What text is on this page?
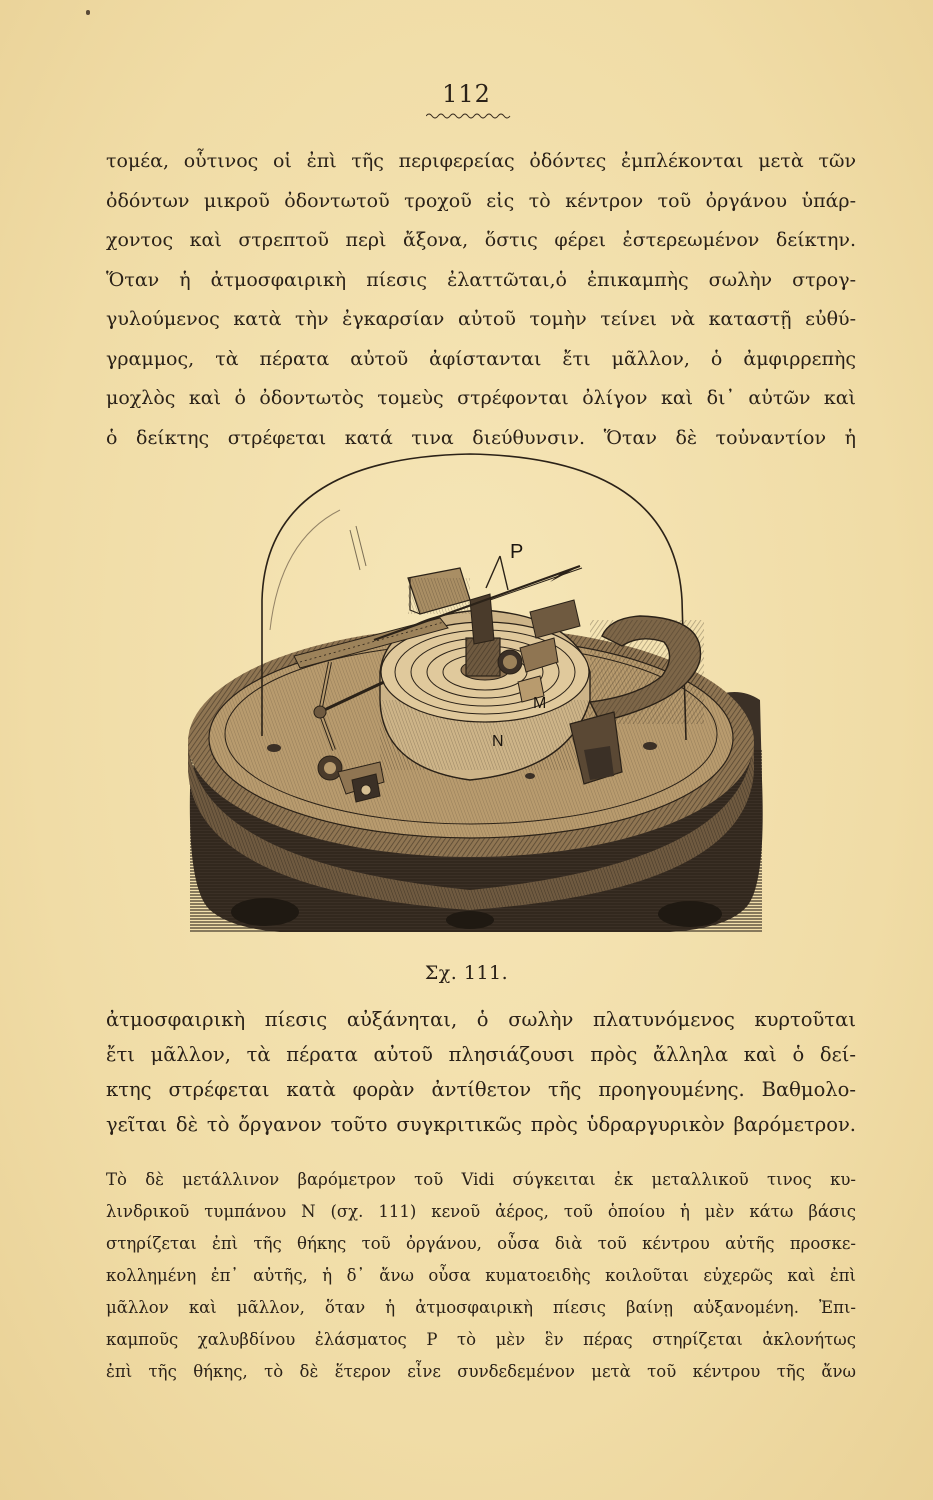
112
τομέα, οὗτινος οἱ ἐπὶ τῆς περιφερείας ὀδόντες ἐμπλέκονται μετὰ τῶν
ὀδόντων μικροῦ ὀδοντωτοῦ τροχοῦ εἰς τὸ κέντρον τοῦ ὀργάνου ὑπάρ-
χοντος καὶ στρεπτοῦ περὶ ἄξονα, ὅστις φέρει ἐστερεωμένον δείκτην.
Ὅταν ἡ ἀτμοσφαιρικὴ πίεσις ἐλαττῶται,ὁ ἐπικαμπὴς σωλὴν στρογ-
γυλούμενος κατὰ τὴν ἐγκαρσίαν αὐτοῦ τομὴν τείνει νὰ καταστῇ εὐθύ-
γραμμος, τὰ πέρατα αὐτοῦ ἀφίστανται ἔτι μᾶλλον, ὁ ἀμφιρρεπὴς
μοχλὸς καὶ ὁ ὀδοντωτὸς τομεὺς στρέφονται ὀλίγον καὶ δι᾽ αὐτῶν καὶ
ὁ δείκτης στρέφεται κατά τινα διεύθυνσιν. Ὅταν δὲ τοὐναντίον ἡ
P
M
N
Σχ. 111.
ἀτμοσφαιρικὴ πίεσις αὐξάνηται, ὁ σωλὴν πλατυνόμενος κυρτοῦται
ἔτι μᾶλλον, τὰ πέρατα αὐτοῦ πλησιάζουσι πρὸς ἄλληλα καὶ ὁ δεί-
κτης στρέφεται κατὰ φορὰν ἀντίθετον τῆς προηγουμένης. Βαθμολο-
γεῖται δὲ τὸ ὄργανον τοῦτο συγκριτικῶς πρὸς ὑδραργυρικὸν βαρόμετρον.
Τὸ δὲ μετάλλινον βαρόμετρον τοῦ Vidi σύγκειται ἐκ μεταλλικοῦ τινος κυ-
λινδρικοῦ τυμπάνου N (σχ. 111) κενοῦ ἀέρος, τοῦ ὁποίου ἡ μὲν κάτω βάσις
στηρίζεται ἐπὶ τῆς θήκης τοῦ ὀργάνου, οὖσα διὰ τοῦ κέντρου αὐτῆς προσκε-
κολλημένη ἐπ᾽ αὐτῆς, ἡ δ᾽ ἄνω οὖσα κυματοειδὴς κοιλοῦται εὐχερῶς καὶ ἐπὶ
μᾶλλον καὶ μᾶλλον, ὅταν ἡ ἀτμοσφαιρικὴ πίεσις βαίνῃ αὐξανομένη. Ἐπι-
καμποῦς χαλυβδίνου ἐλάσματος P τὸ μὲν ἓν πέρας στηρίζεται ἀκλονήτως
ἐπὶ τῆς θήκης, τὸ δὲ ἕτερον εἶνε συνδεδεμένον μετὰ τοῦ κέντρου τῆς ἄνω
